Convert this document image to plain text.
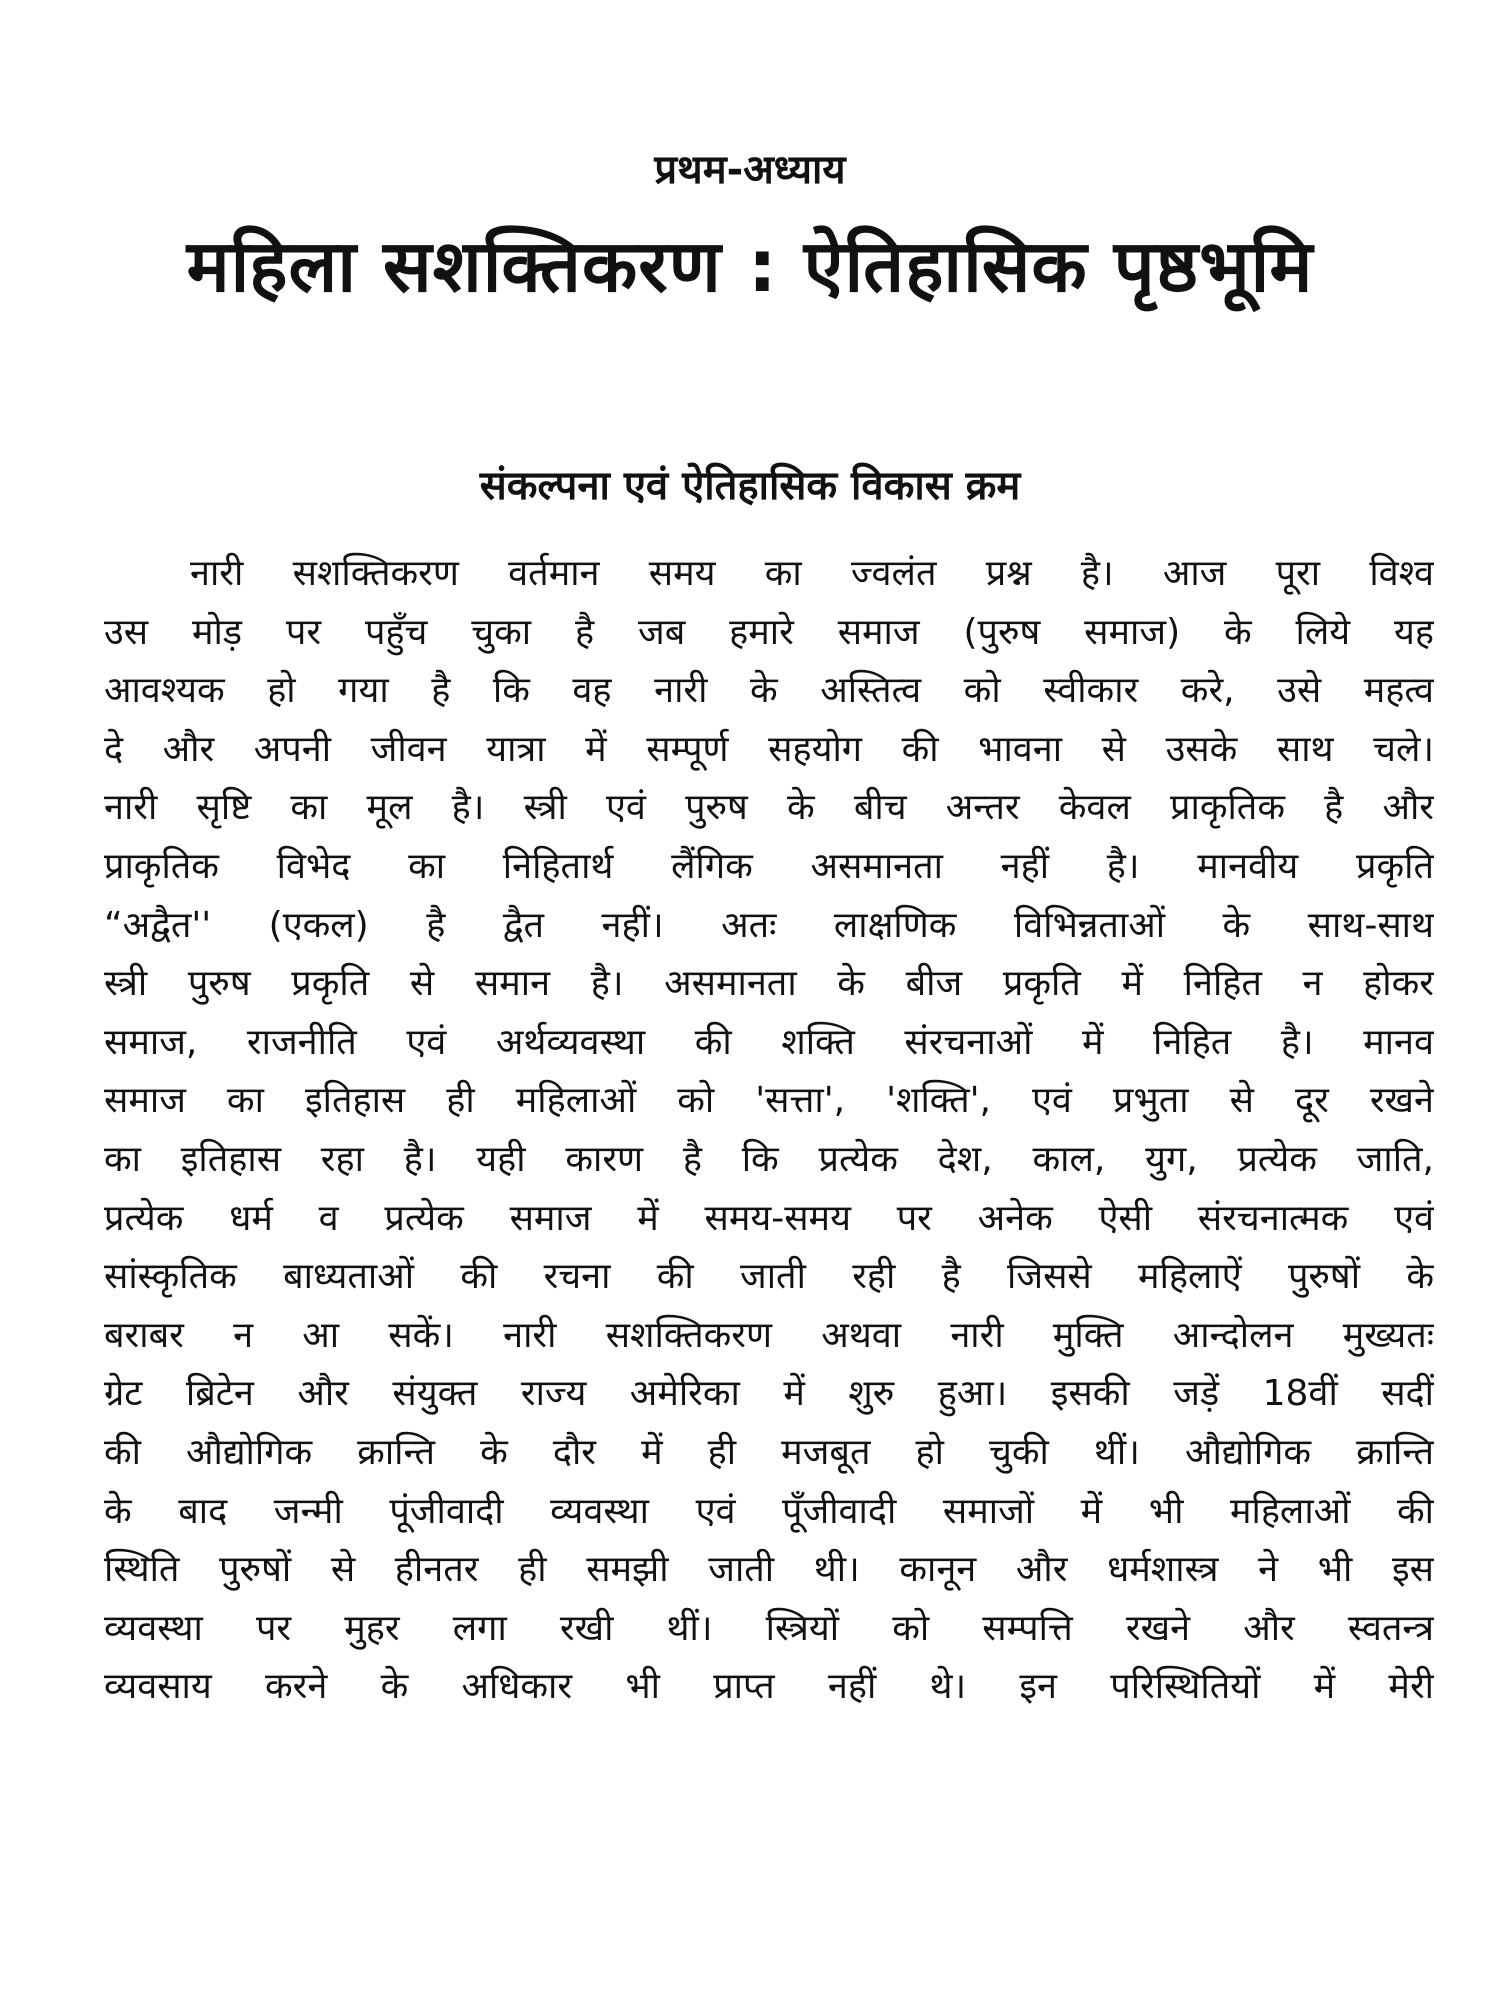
प्रथम-अध्याय
महिला सशक्तिकरण : ऐतिहासिक पृष्ठभूमि
संकल्पना एवं ऐतिहासिक विकास क्रम
नारी सशक्तिकरण वर्तमान समय का ज्वलंत प्रश्न है। आज पूरा विश्व
उस मोड़ पर पहुँच चुका है जब हमारे समाज (पुरुष समाज) के लिये यह
आवश्यक हो गया है कि वह नारी के अस्तित्व को स्वीकार करे, उसे महत्व
दे और अपनी जीवन यात्रा में सम्पूर्ण सहयोग की भावना से उसके साथ चले।
नारी सृष्टि का मूल है। स्त्री एवं पुरुष के बीच अन्तर केवल प्राकृतिक है और
प्राकृतिक विभेद का निहितार्थ लैंगिक असमानता नहीं है। मानवीय प्रकृति
“अद्वैत'' (एकल) है द्वैत नहीं। अतः लाक्षणिक विभिन्नताओं के साथ-साथ
स्त्री पुरुष प्रकृति से समान है। असमानता के बीज प्रकृति में निहित न होकर
समाज, राजनीति एवं अर्थव्यवस्था की शक्ति संरचनाओं में निहित है। मानव
समाज का इतिहास ही महिलाओं को 'सत्ता', 'शक्ति', एवं प्रभुता से दूर रखने
का इतिहास रहा है। यही कारण है कि प्रत्येक देश, काल, युग, प्रत्येक जाति,
प्रत्येक धर्म व प्रत्येक समाज में समय-समय पर अनेक ऐसी संरचनात्मक एवं
सांस्कृतिक बाध्यताओं की रचना की जाती रही है जिससे महिलाऐं पुरुषों के
बराबर न आ सकें। नारी सशक्तिकरण अथवा नारी मुक्ति आन्दोलन मुख्यतः
ग्रेट ब्रिटेन और संयुक्त राज्य अमेरिका में शुरु हुआ। इसकी जड़ें 18वीं सदीं
की औद्योगिक क्रान्ति के दौर में ही मजबूत हो चुकी थीं। औद्योगिक क्रान्ति
के बाद जन्मी पूंजीवादी व्यवस्था एवं पूँजीवादी समाजों में भी महिलाओं की
स्थिति पुरुषों से हीनतर ही समझी जाती थी। कानून और धर्मशास्त्र ने भी इस
व्यवस्था पर मुहर लगा रखी थीं। स्त्रियों को सम्पत्ति रखने और स्वतन्त्र
व्यवसाय करने के अधिकार भी प्राप्त नहीं थे। इन परिस्थितियों में मेरी
